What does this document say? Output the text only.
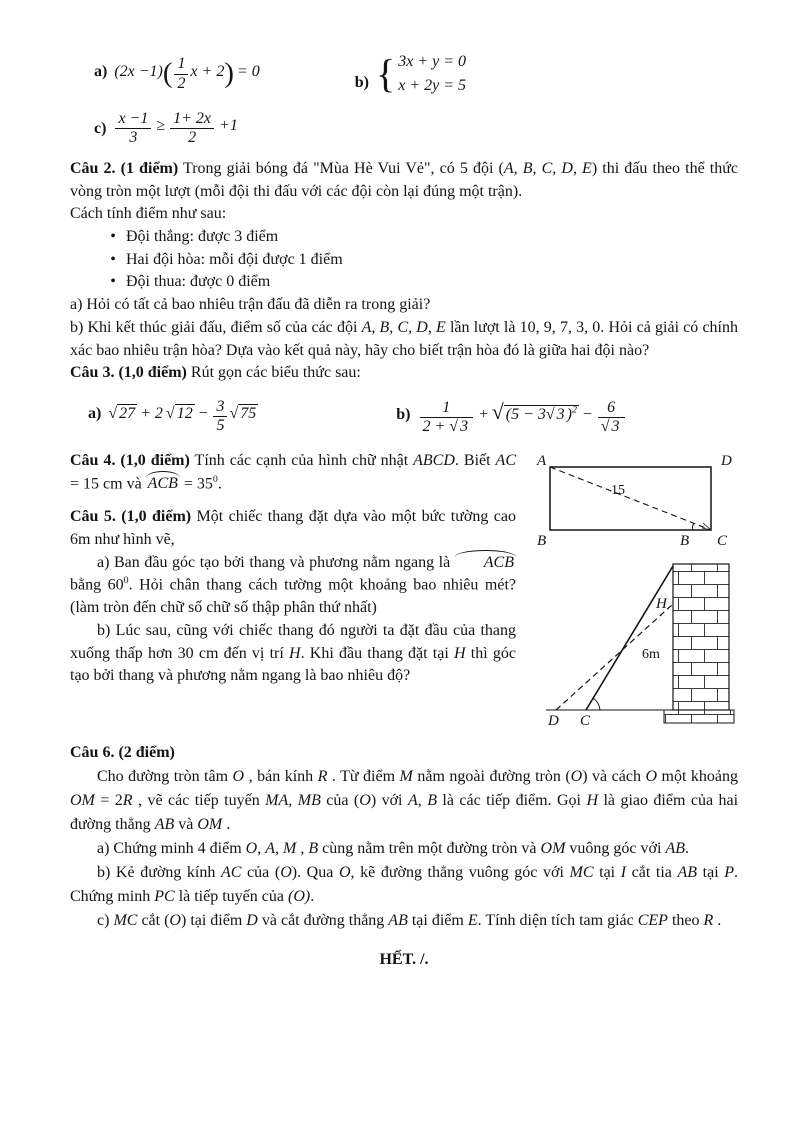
a) $(2x -1)( \frac{1}{2}$ x + 2) = 0
b) { 3x + y = 0
x + 2y = 5
$c) \frac{x -1}{3} \ge \frac{1+ 2x}{2} +1$

Câu 2. (1 điểm) Trong giải bóng đá "Mùa Hè Vui Vẻ", có 5 đội (A, B, C, D, E) thi đấu theo thể thức vòng tròn một lượt (mỗi đội thi đấu với các đội còn lại đúng một trận).

Cách tính điểm như sau:

• Đội thắng: được 3 điểm
• Hai đội hòa: mỗi đội được 1 điểm
• Đội thua: được 0 điểm

a) Hỏi có tất cả bao nhiêu trận đấu đã diễn ra trong giải?

b) Khi kết thúc giải đấu, điểm số của các đội A, B, C, D, E lần lượt là 10, 9, 7, 3, 0. Hỏi cả giải có chính xác bao nhiêu trận hòa? Dựa vào kết quả này, hãy cho biết trận hòa đó là giữa hai đội nào?

Câu 3. (1,0 điểm) Rút gọn các biểu thức sau:

a) √ 27 + 2 √ $12 - \frac{3}{5}$ √ 75	$b) \frac{1}{2 + √ 3}$ + √ (5 − 3 √ 3 )$^2$ − 6
√ 3
A	D
B	B C
15
H
6m
D C

Câu 4. (1,0 điểm) Tính các cạnh của hình chữ nhật ABCD. Biết AC = 15 cm và ACB = $35^0$.

Câu 5. (1,0 điểm) Một chiếc thang đặt dựa vào một bức tường cao 6m như hình vẽ,

a) Ban đầu góc tạo bởi thang và phương nằm ngang là ACB bằng $60^0$. Hỏi chân thang cách tường một khoảng bao nhiêu mét? (làm tròn đến chữ số chữ số thập phân thứ nhất)

b) Lúc sau, cũng với chiếc thang đó người ta đặt đầu của thang xuống thấp hơn 30 cm đến vị trí H. Khi đầu thang đặt tại H thì góc tạo bởi thang và phương nằm ngang là bao nhiêu độ?

Câu 6. (2 điểm)

Cho đường tròn tâm O , bán kính R . Từ điểm M nằm ngoài đường tròn (O) và cách O một khoảng OM = 2R , vẽ các tiếp tuyến MA, MB của (O) với A, B là các tiếp điểm. Gọi H là giao điểm của hai đường thẳng AB và OM .

a) Chứng minh 4 điểm O, A, M , B cùng nằm trên một đường tròn và OM vuông góc với AB.

b) Kẻ đường kính AC của (O). Qua O, kẽ đường thẳng vuông góc với MC tại I cắt tia AB tại P. Chứng minh PC là tiếp tuyến của (O).

c) MC cắt (O) tại điểm D và cắt đường thẳng AB tại điểm E. Tính diện tích tam giác CEP theo R .

HẾT. /.
